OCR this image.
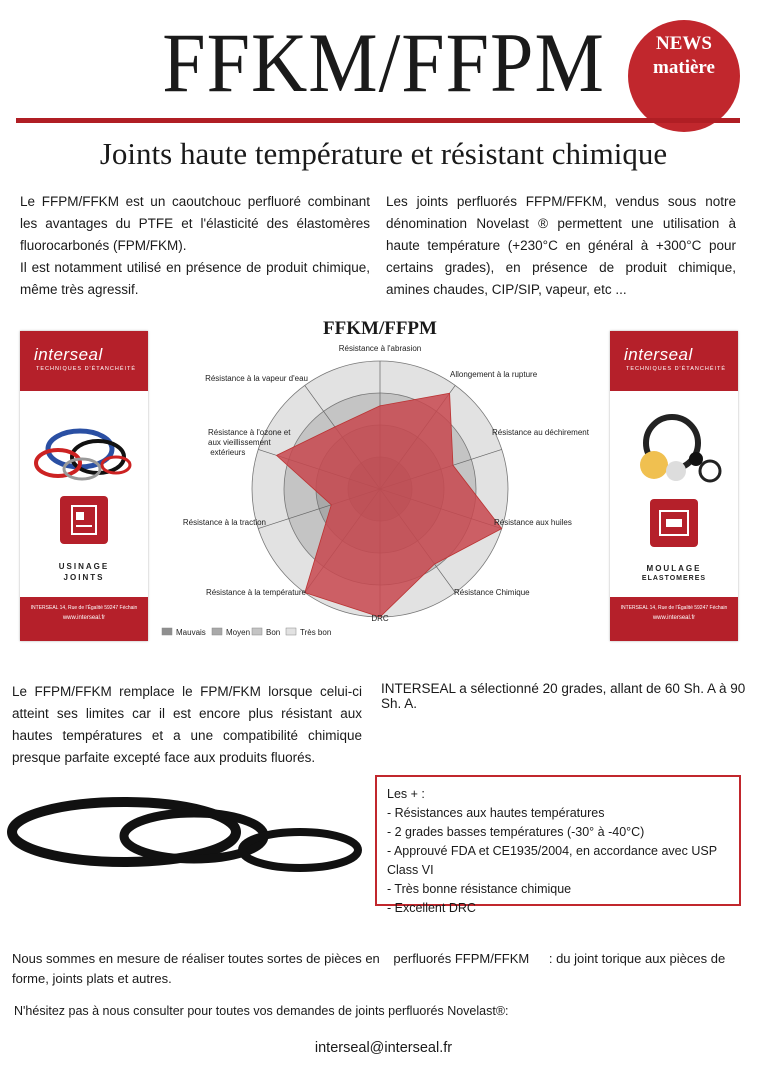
FFKM/FFPM	NEWS
matière
Joints haute température et résistant chimique
Le FFPM/FFKM est un caoutchouc perfluoré combinant les avantages du PTFE et l'élasticité des élastomères fluorocarbonés (FPM/FKM).
Il est notamment utilisé en présence de produit chimique, même très agressif.
Les joints perfluorés FFPM/FFKM, vendus sous notre dénomination Novelast ® permettent une utilisation à haute température (+230°C en général à +300°C pour certains grades), en présence de produit chimique, amines chaudes, CIP/SIP, vapeur, etc ...
interseal
TECHNIQUES D'ÉTANCHÉITÉ
USINAGE
JOINTS
INTERSEAL 14, Rue de l'Égalité 59247 Féchain
www.interseal.fr
interseal
TECHNIQUES D'ÉTANCHÉITÉ
MOULAGE
ELASTOMERES
INTERSEAL 14, Rue de l'Égalité 59247 Féchain
www.interseal.fr
FFKM/FFPM
Résistance à l'abrasion
Allongement à la rupture
Résistance au déchirement
Résistance aux huiles
Résistance Chimique
DRC
Résistance à la température
Résistance à la traction
Résistance à l'ozone et aux vieillissement extérieurs
Résistance à la vapeur d'eau
Mauvais	Moyen Bon Très bon
Le FFPM/FFKM remplace le FPM/FKM lorsque celui-ci atteint ses limites car il est encore plus résistant aux hautes températures et a une compatibilité chimique presque parfaite excepté face aux produits fluorés.
INTERSEAL a sélectionné 20 grades, allant de 60 Sh. A à 90 Sh. A.
Les + :
- Résistances aux hautes températures
- 2 grades basses températures (-30° à -40°C)
- Approuvé FDA et CE1935/2004, en accordance avec USP Class VI
- Très bonne résistance chimique
- Excellent DRC
Nous sommes en mesure de réaliser toutes sortes de pièces en perfluorés FFPM/FFKM : du joint torique aux pièces de forme, joints plats et autres.
N'hésitez pas à nous consulter pour toutes vos demandes de joints perfluorés Novelast®:
interseal@interseal.fr
